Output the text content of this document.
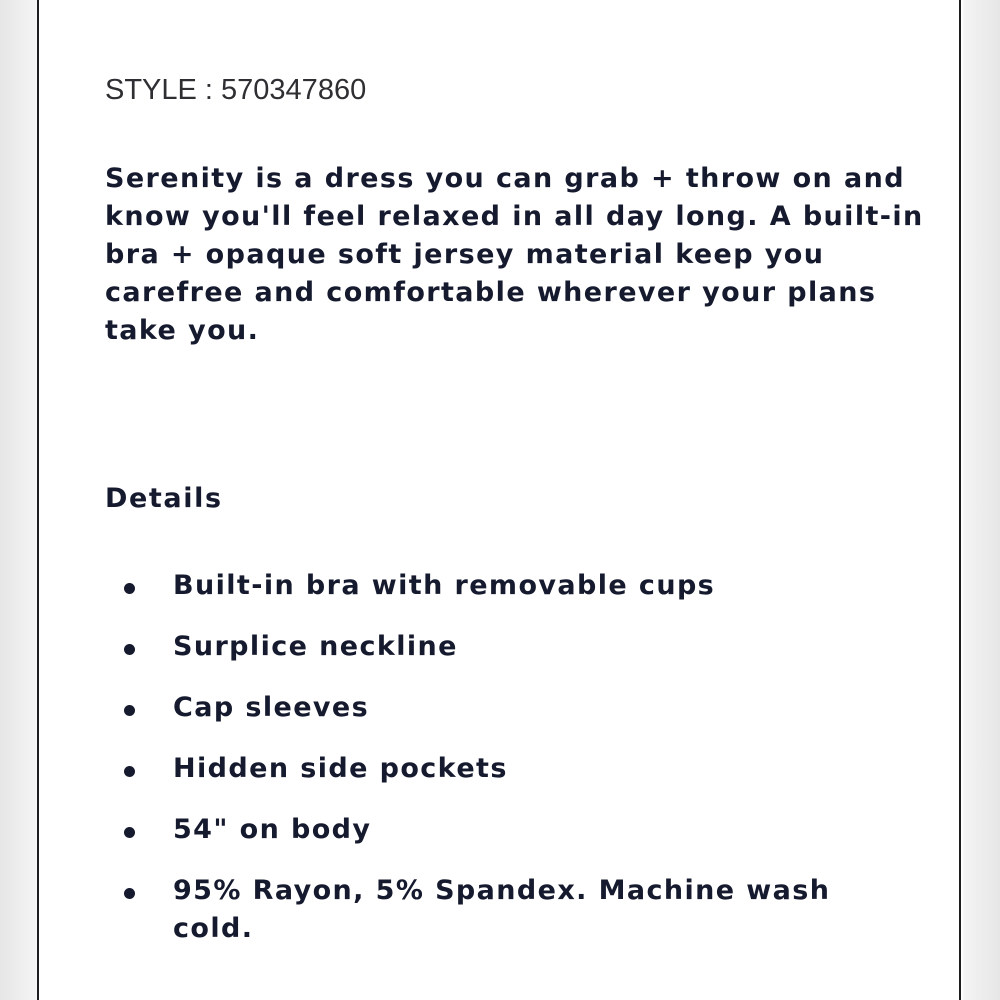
STYLE : 570347860

Serenity is a dress you can grab + throw on and know you'll feel relaxed in all day long. A built-in bra + opaque soft jersey material keep you carefree and comfortable wherever your plans take you.

Details
Built-in bra with removable cups
Surplice neckline
Cap sleeves
Hidden side pockets
54" on body
95% Rayon, 5% Spandex. Machine wash cold.
